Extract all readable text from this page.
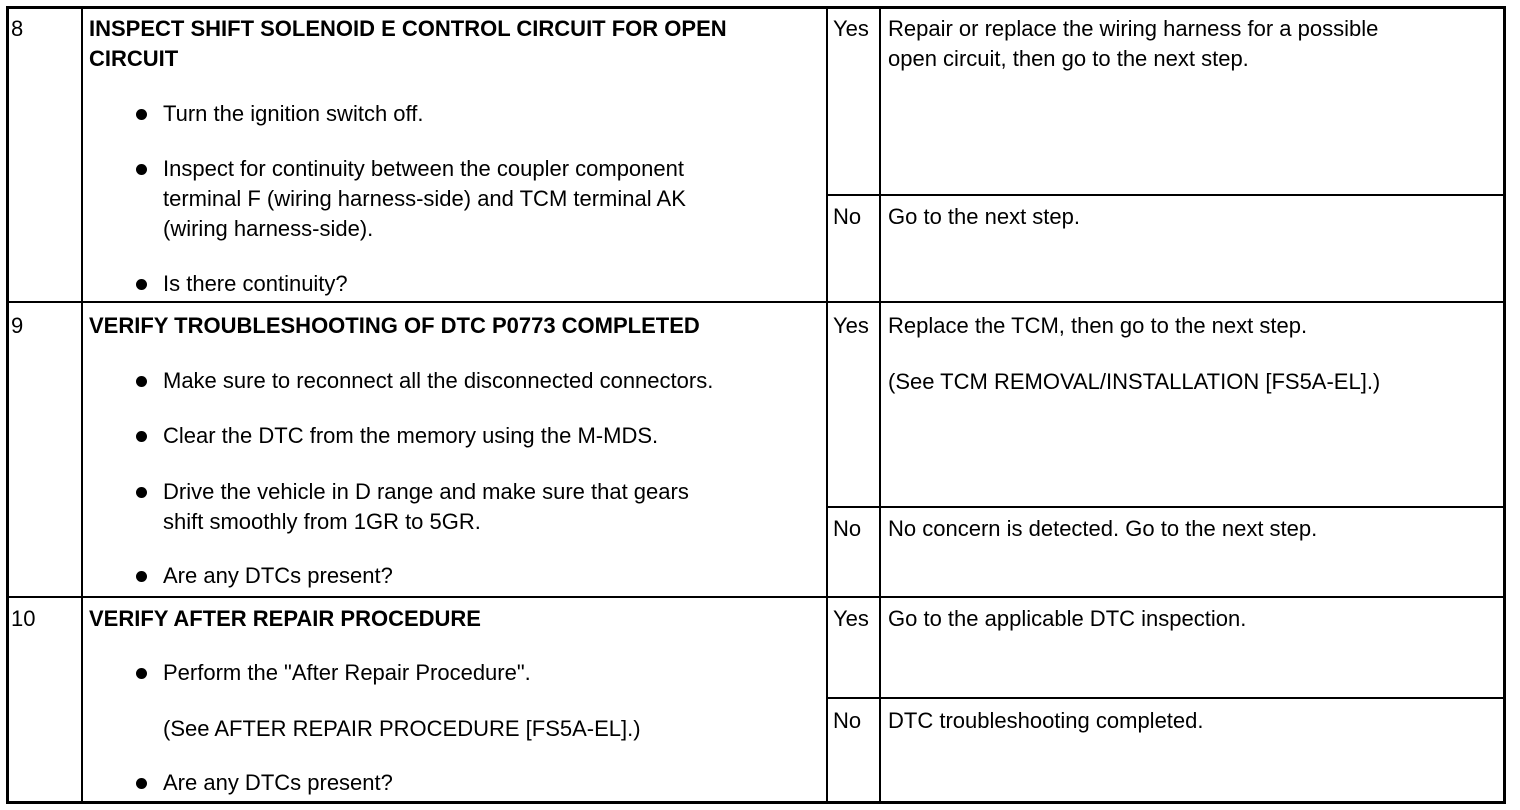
8	INSPECT SHIFT SOLENOID E CONTROL CIRCUIT FOR OPEN
CIRCUIT
Turn the ignition switch off.
Inspect for continuity between the coupler component
terminal F (wiring harness-side) and TCM terminal AK
(wiring harness-side).
Is there continuity?
Yes Repair or replace the wiring harness for a possible
open circuit, then go to the next step.
No Go to the next step.
9	VERIFY TROUBLESHOOTING OF DTC P0773 COMPLETED
Make sure to reconnect all the disconnected connectors.
Clear the DTC from the memory using the M-MDS.
Drive the vehicle in D range and make sure that gears
shift smoothly from 1GR to 5GR.
Are any DTCs present?
Yes Replace the TCM, then go to the next step.
(See TCM REMOVAL/INSTALLATION [FS5A-EL].)
No No concern is detected. Go to the next step.
10 VERIFY AFTER REPAIR PROCEDURE
Perform the "After Repair Procedure".
(See AFTER REPAIR PROCEDURE [FS5A-EL].)
Are any DTCs present?
Yes Go to the applicable DTC inspection.
No DTC troubleshooting completed.
